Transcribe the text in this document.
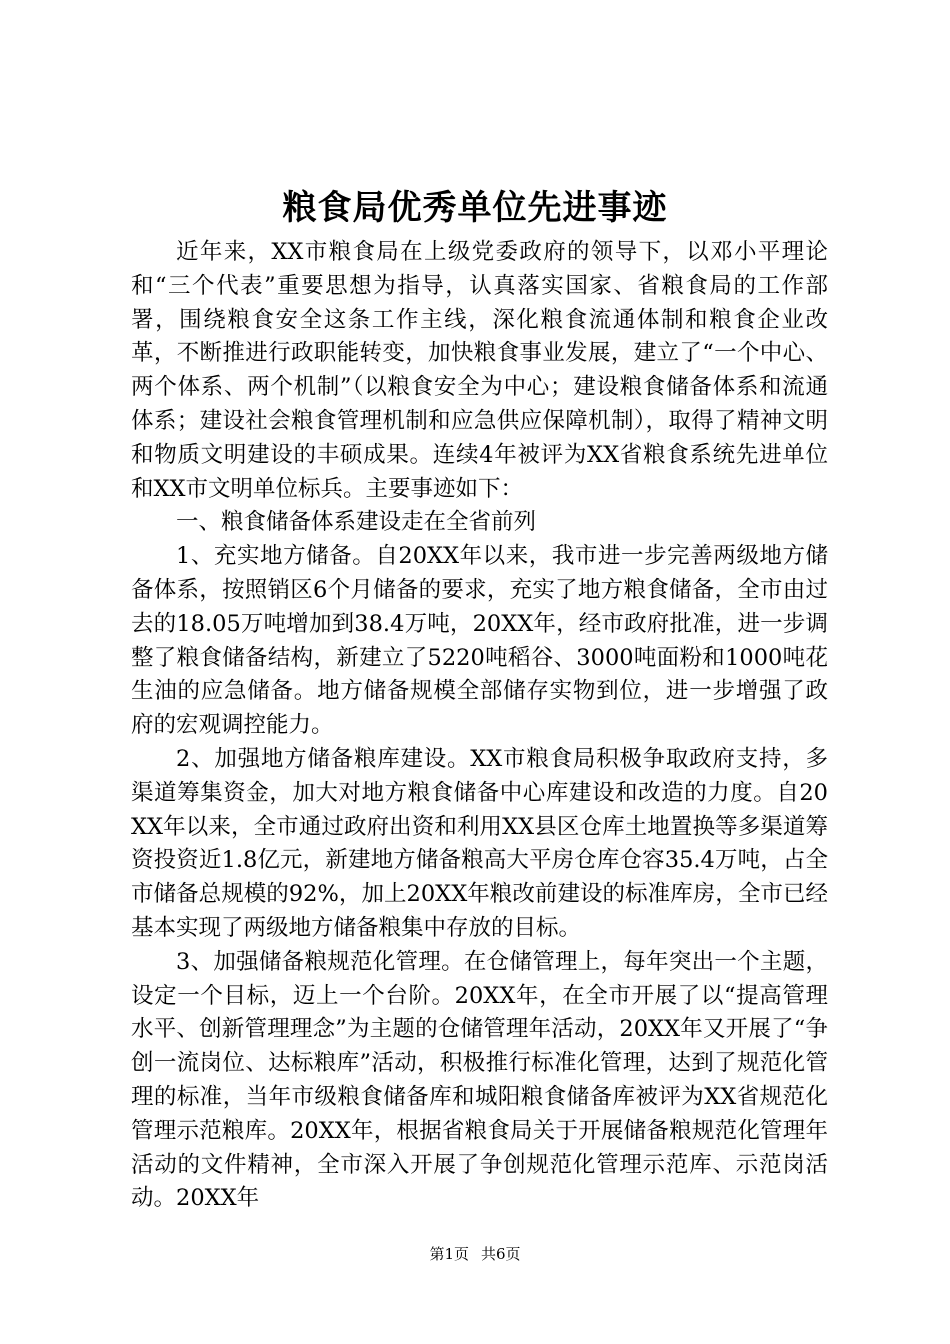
粮食局优秀单位先进事迹

近年来，XX市粮食局在上级党委政府的领导下，以邓小平理论和“三个代表”重要思想为指导，认真落实国家、省粮食局的工作部署，围绕粮食安全这条工作主线，深化粮食流通体制和粮食企业改革，不断推进行政职能转变，加快粮食事业发展，建立了“一个中心、两个体系、两个机制”（以粮食安全为中心；建设粮食储备体系和流通体系；建设社会粮食管理机制和应急供应保障机制），取得了精神文明和物质文明建设的丰硕成果。连续4年被评为XX省粮食系统先进单位和XX市文明单位标兵。主要事迹如下：

一、粮食储备体系建设走在全省前列

1、充实地方储备。自20XX年以来，我市进一步完善两级地方储备体系，按照销区6个月储备的要求，充实了地方粮食储备，全市由过去的18.05万吨增加到38.4万吨，20XX年，经市政府批准，进一步调整了粮食储备结构，新建立了5220吨稻谷、3000吨面粉和1000吨花生油的应急储备。地方储备规模全部储存实物到位，进一步增强了政府的宏观调控能力。

2、加强地方储备粮库建设。XX市粮食局积极争取政府支持，多渠道筹集资金，加大对地方粮食储备中心库建设和改造的力度。自20XX年以来，全市通过政府出资和利用XX县区仓库土地置换等多渠道筹资投资近1.8亿元，新建地方储备粮高大平房仓库仓容35.4万吨，占全市储备总规模的92%，加上20XX年粮改前建设的标准库房，全市已经基本实现了两级地方储备粮集中存放的目标。

3、加强储备粮规范化管理。在仓储管理上，每年突出一个主题，设定一个目标，迈上一个台阶。20XX年，在全市开展了以“提高管理水平、创新管理理念”为主题的仓储管理年活动，20XX年又开展了“争创一流岗位、达标粮库”活动，积极推行标准化管理，达到了规范化管理的标准，当年市级粮食储备库和城阳粮食储备库被评为XX省规范化管理示范粮库。20XX年，根据省粮食局关于开展储备粮规范化管理年活动的文件精神，全市深入开展了争创规范化管理示范库、示范岗活动。20XX年

第1页 共6页
